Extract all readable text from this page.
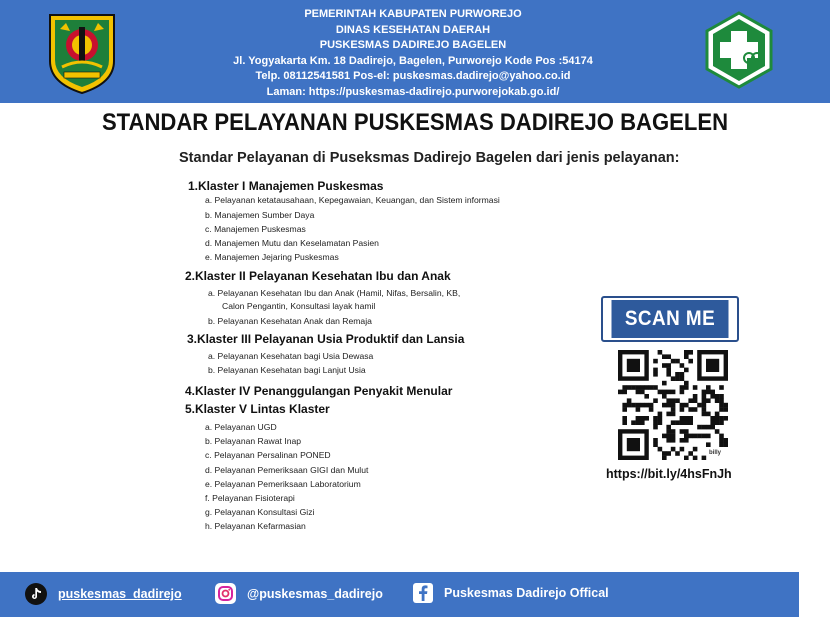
PEMERINTAH KABUPATEN PURWOREJO
DINAS KESEHATAN DAERAH
PUSKESMAS DADIREJO BAGELEN
Jl. Yogyakarta Km. 18 Dadirejo, Bagelen, Purworejo Kode Pos :54174
Telp. 08112541581 Pos-el: puskesmas.dadirejo@yahoo.co.id
Laman: https://puskesmas-dadirejo.purworejokab.go.id/
STANDAR PELAYANAN PUSKESMAS DADIREJO BAGELEN
Standar Pelayanan di Puseksmas Dadirejo Bagelen dari jenis pelayanan:
1.Klaster I Manajemen Puskesmas
a. Pelayanan ketatausahaan, Kepegawaian, Keuangan, dan Sistem informasi
b. Manajemen Sumber Daya
c. Manajemen Puskesmas
d. Manajemen Mutu dan Keselamatan Pasien
e. Manajemen Jejaring Puskesmas
2.Klaster II Pelayanan Kesehatan Ibu dan Anak
a. Pelayanan Kesehatan Ibu dan Anak (Hamil, Nifas, Bersalin, KB,
Calon Pengantin, Konsultasi layak hamil
b. Pelayanan Kesehatan Anak dan Remaja
3.Klaster III Pelayanan Usia Produktif dan Lansia
a. Pelayanan Kesehatan bagi Usia Dewasa
b. Pelayanan Kesehatan bagi Lanjut Usia
4.Klaster IV Penanggulangan Penyakit Menular
5.Klaster V Lintas Klaster
a. Pelayanan UGD
b. Pelayanan Rawat Inap
c. Pelayanan Persalinan PONED
d. Pelayanan Pemeriksaan GIGI dan Mulut
e. Pelayanan Pemeriksaan Laboratorium
f. Pelayanan Fisioterapi
g. Pelayanan Konsultasi Gizi
h. Pelayanan Kefarmasian
SCAN ME
billy
https://bit.ly/4hsFnJh
puskesmas_dadirejo	@puskesmas_dadirejo	Puskesmas Dadirejo Offical
